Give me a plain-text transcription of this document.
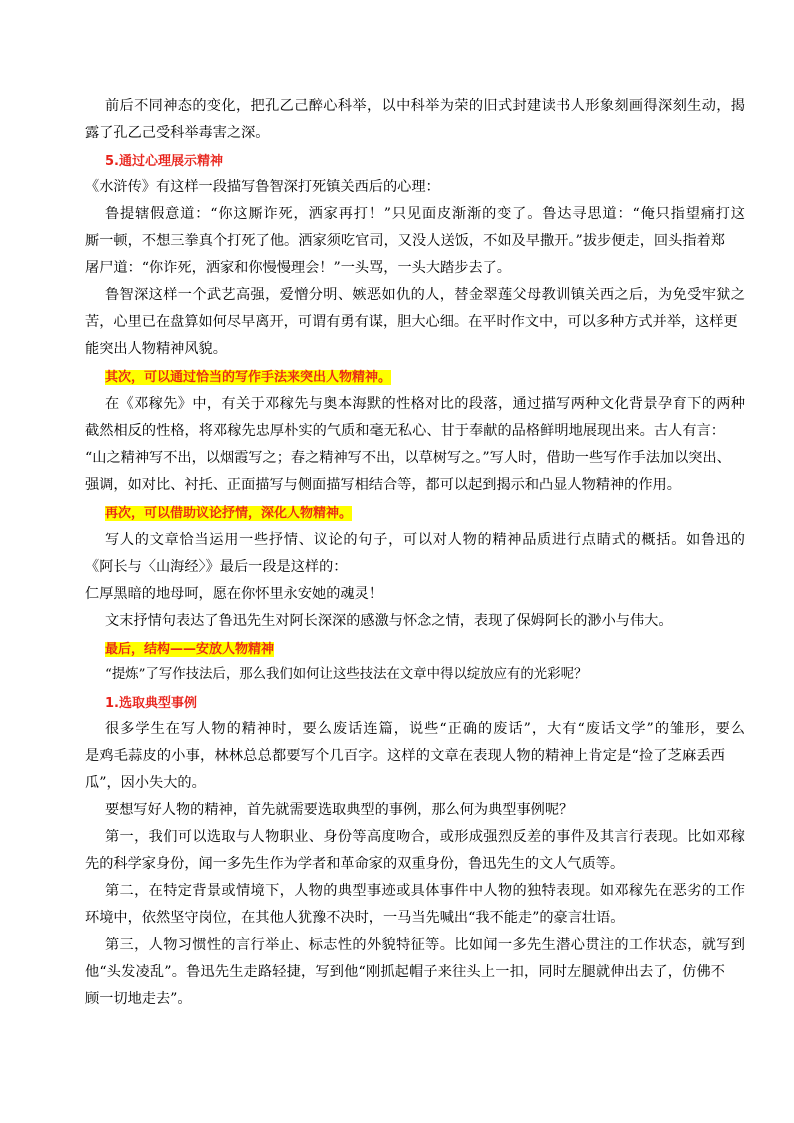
前后不同神态的变化，把孔乙己醉心科举，以中科举为荣的旧式封建读书人形象刻画得深刻生动，揭
露了孔乙己受科举毒害之深。
5.通过心理展示精神
《水浒传》有这样一段描写鲁智深打死镇关西后的心理：
鲁提辖假意道：“你这厮诈死，洒家再打！”只见面皮渐渐的变了。鲁达寻思道：“俺只指望痛打这
厮一顿，不想三拳真个打死了他。洒家须吃官司，又没人送饭，不如及早撒开。”拔步便走，回头指着郑
屠尸道：“你诈死，洒家和你慢慢理会！”一头骂，一头大踏步去了。
鲁智深这样一个武艺高强，爱憎分明、嫉恶如仇的人，替金翠莲父母教训镇关西之后，为免受牢狱之
苦，心里已在盘算如何尽早离开，可谓有勇有谋，胆大心细。在平时作文中，可以多种方式并举，这样更
能突出人物精神风貌。
其次，可以通过恰当的写作手法来突出人物精神。
在《邓稼先》中，有关于邓稼先与奥本海默的性格对比的段落，通过描写两种文化背景孕育下的两种
截然相反的性格，将邓稼先忠厚朴实的气质和毫无私心、甘于奉献的品格鲜明地展现出来。古人有言：
“山之精神写不出，以烟霞写之；春之精神写不出，以草树写之。”写人时，借助一些写作手法加以突出、
强调，如对比、衬托、正面描写与侧面描写相结合等，都可以起到揭示和凸显人物精神的作用。
再次，可以借助议论抒情，深化人物精神。
写人的文章恰当运用一些抒情、议论的句子，可以对人物的精神品质进行点睛式的概括。如鲁迅的
《阿长与〈山海经〉》最后一段是这样的：
仁厚黑暗的地母呵，愿在你怀里永安她的魂灵！
文末抒情句表达了鲁迅先生对阿长深深的感激与怀念之情，表现了保姆阿长的渺小与伟大。
最后，结构——安放人物精神
“提炼”了写作技法后，那么我们如何让这些技法在文章中得以绽放应有的光彩呢？
1.选取典型事例
很多学生在写人物的精神时，要么废话连篇，说些“正确的废话”，大有“废话文学”的雏形，要么
是鸡毛蒜皮的小事，林林总总都要写个几百字。这样的文章在表现人物的精神上肯定是“捡了芝麻丢西
瓜”，因小失大的。
要想写好人物的精神，首先就需要选取典型的事例，那么何为典型事例呢？
第一，我们可以选取与人物职业、身份等高度吻合，或形成强烈反差的事件及其言行表现。比如邓稼
先的科学家身份，闻一多先生作为学者和革命家的双重身份，鲁迅先生的文人气质等。
第二，在特定背景或情境下，人物的典型事迹或具体事件中人物的独特表现。如邓稼先在恶劣的工作
环境中，依然坚守岗位，在其他人犹豫不决时，一马当先喊出“我不能走”的豪言壮语。
第三，人物习惯性的言行举止、标志性的外貌特征等。比如闻一多先生潜心贯注的工作状态，就写到
他“头发凌乱”。鲁迅先生走路轻捷，写到他“刚抓起帽子来往头上一扣，同时左腿就伸出去了，仿佛不
顾一切地走去”。
